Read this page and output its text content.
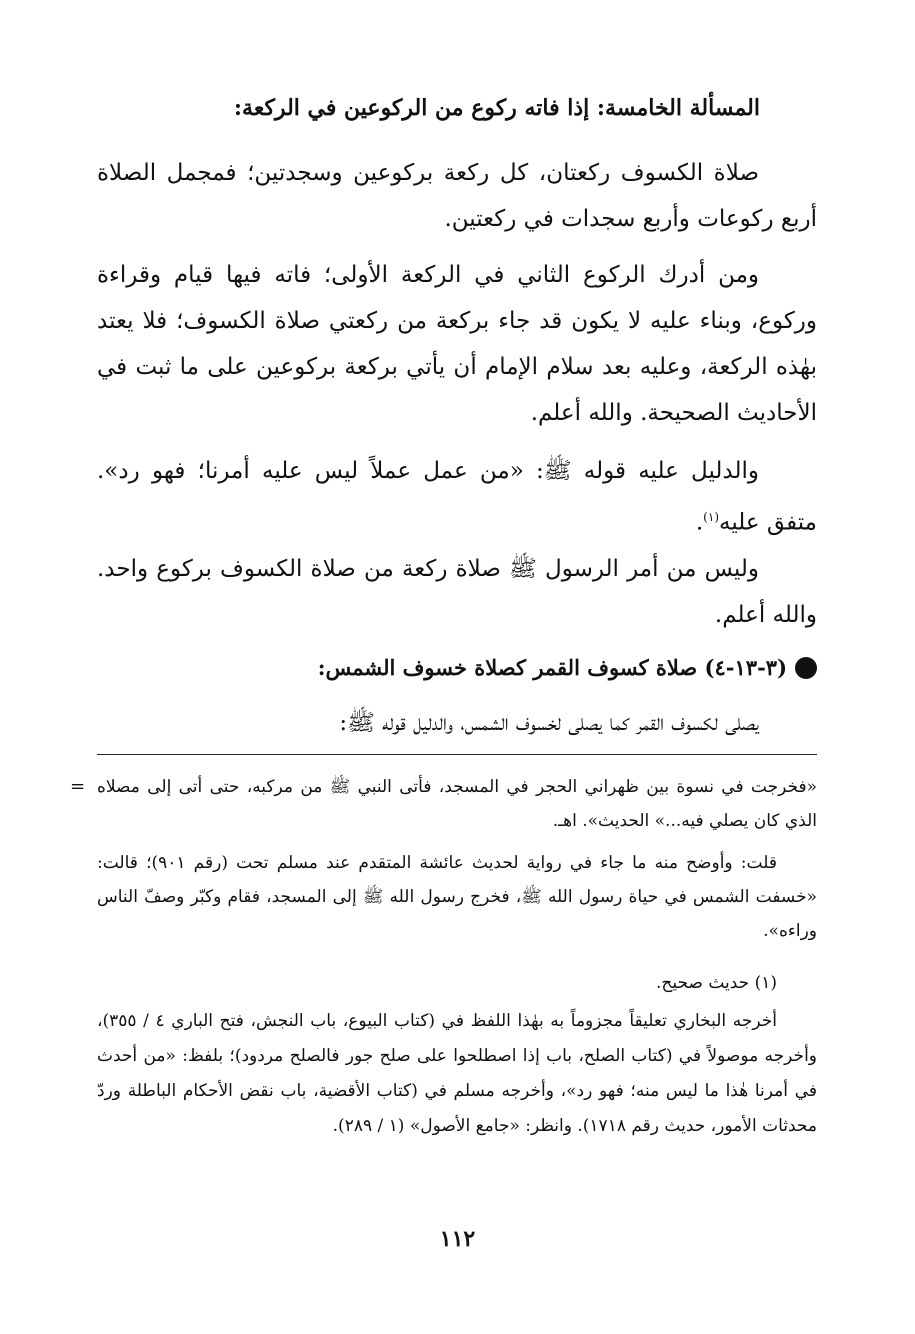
المسألة الخامسة: إذا فاته ركوع من الركوعين في الركعة:

صلاة الكسوف ركعتان، كل ركعة بركوعين وسجدتين؛ فمجمل الصلاة أربع ركوعات وأربع سجدات في ركعتين.

ومن أدرك الركوع الثاني في الركعة الأولى؛ فاته فيها قيام وقراءة وركوع، وبناء عليه لا يكون قد جاء بركعة من ركعتي صلاة الكسوف؛ فلا يعتد بهٰذه الركعة، وعليه بعد سلام الإمام أن يأتي بركعة بركوعين على ما ثبت في الأحاديث الصحيحة. والله أعلم.

والدليل عليه قوله ﷺ: «من عمل عملاً ليس عليه أمرنا؛ فهو رد». متفق عليه$^{(١)}$.

وليس من أمر الرسول ﷺ صلاة ركعة من صلاة الكسوف بركوع واحد. والله أعلم.

(٣-١٣-٤) صلاة كسوف القمر كصلاة خسوف الشمس:

يصلى لكسوف القمر كما يصلى لخسوف الشمس، والدليل قوله ﷺ:

= «فخرجت في نسوة بين ظهراني الحجر في المسجد، فأتى النبي ﷺ من مركبه، حتى أتى إلى مصلاه الذي كان يصلي فيه...» الحديث». اهـ.

قلت: وأوضح منه ما جاء في رواية لحديث عائشة المتقدم عند مسلم تحت (رقم ٩٠١)؛ قالت: «خسفت الشمس في حياة رسول الله ﷺ، فخرج رسول الله ﷺ إلى المسجد، فقام وكبّر وصفّ الناس وراءه».

(١) حديث صحيح.

أخرجه البخاري تعليقاً مجزوماً به بهٰذا اللفظ في (كتاب البيوع، باب النجش، فتح الباري ٤ / ٣٥٥)، وأخرجه موصولاً في (كتاب الصلح، باب إذا اصطلحوا على صلح جور فالصلح مردود)؛ بلفظ: «من أحدث في أمرنا هٰذا ما ليس منه؛ فهو رد»، وأخرجه مسلم في (كتاب الأقضية، باب نقض الأحكام الباطلة وردّ محدثات الأمور، حديث رقم ١٧١٨). وانظر: «جامع الأصول» (١ / ٢٨٩).

١١٢
